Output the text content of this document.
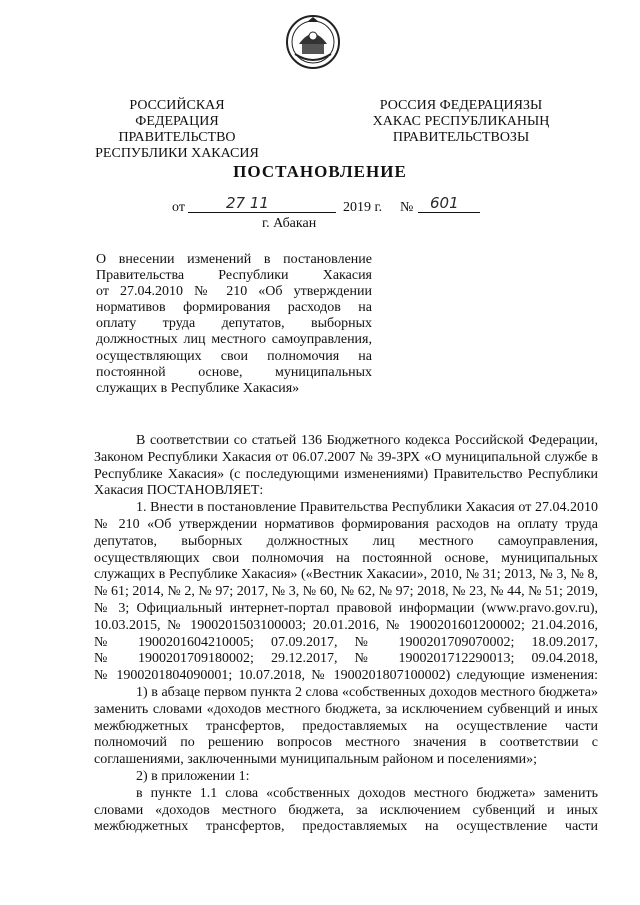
РОССИЙСКАЯ ФЕДЕРАЦИЯ
ПРАВИТЕЛЬСТВО
РЕСПУБЛИКИ ХАКАСИЯ
РОССИЯ ФЕДЕРАЦИЯЗЫ
ХАКАС РЕСПУБЛИКАНЫҢ
ПРАВИТЕЛЬСТВОЗЫ
ПОСТАНОВЛЕНИЕ
от	27 11	2019 г. № 601
г. Абакан
О внесении изменений в постановление
Правительства Республики Хакасия
от 27.04.2010 № 210 «Об утверждении
нормативов формирования расходов на
оплату труда депутатов, выборных
должностных лиц местного самоуправления,
осуществляющих свои полномочия на
постоянной основе, муниципальных
служащих в Республике Хакасия»
В соответствии со статьей 136 Бюджетного кодекса Российской Федерации,
Законом Республики Хакасия от 06.07.2007 № 39-ЗРХ «О муниципальной службе в
Республике Хакасия» (с последующими изменениями) Правительство Республики
Хакасия ПОСТАНОВЛЯЕТ:
1. Внести в постановление Правительства Республики Хакасия от 27.04.2010
№ 210 «Об утверждении нормативов формирования расходов на оплату труда
депутатов, выборных должностных лиц местного самоуправления,
осуществляющих свои полномочия на постоянной основе, муниципальных
служащих в Республике Хакасия» («Вестник Хакасии», 2010, № 31; 2013, № 3, № 8,
№ 61; 2014, № 2, № 97; 2017, № 3, № 60, № 62, № 97; 2018, № 23, № 44, № 51; 2019,
№ 3; Официальный интернет-портал правовой информации (www.pravo.gov.ru),
10.03.2015, № 1900201503100003; 20.01.2016, № 1900201601200002; 21.04.2016,
№ 1900201604210005; 07.09.2017, № 1900201709070002; 18.09.2017,
№ 1900201709180002; 29.12.2017, № 1900201712290013; 09.04.2018,
№ 1900201804090001; 10.07.2018, № 1900201807100002) следующие изменения:
1) в абзаце первом пункта 2 слова «собственных доходов местного бюджета»
заменить словами «доходов местного бюджета, за исключением субвенций и иных
межбюджетных трансфертов, предоставляемых на осуществление части
полномочий по решению вопросов местного значения в соответствии с
соглашениями, заключенными муниципальным районом и поселениями»;
2) в приложении 1:
в пункте 1.1 слова «собственных доходов местного бюджета» заменить
словами «доходов местного бюджета, за исключением субвенций и иных
межбюджетных трансфертов, предоставляемых на осуществление части
